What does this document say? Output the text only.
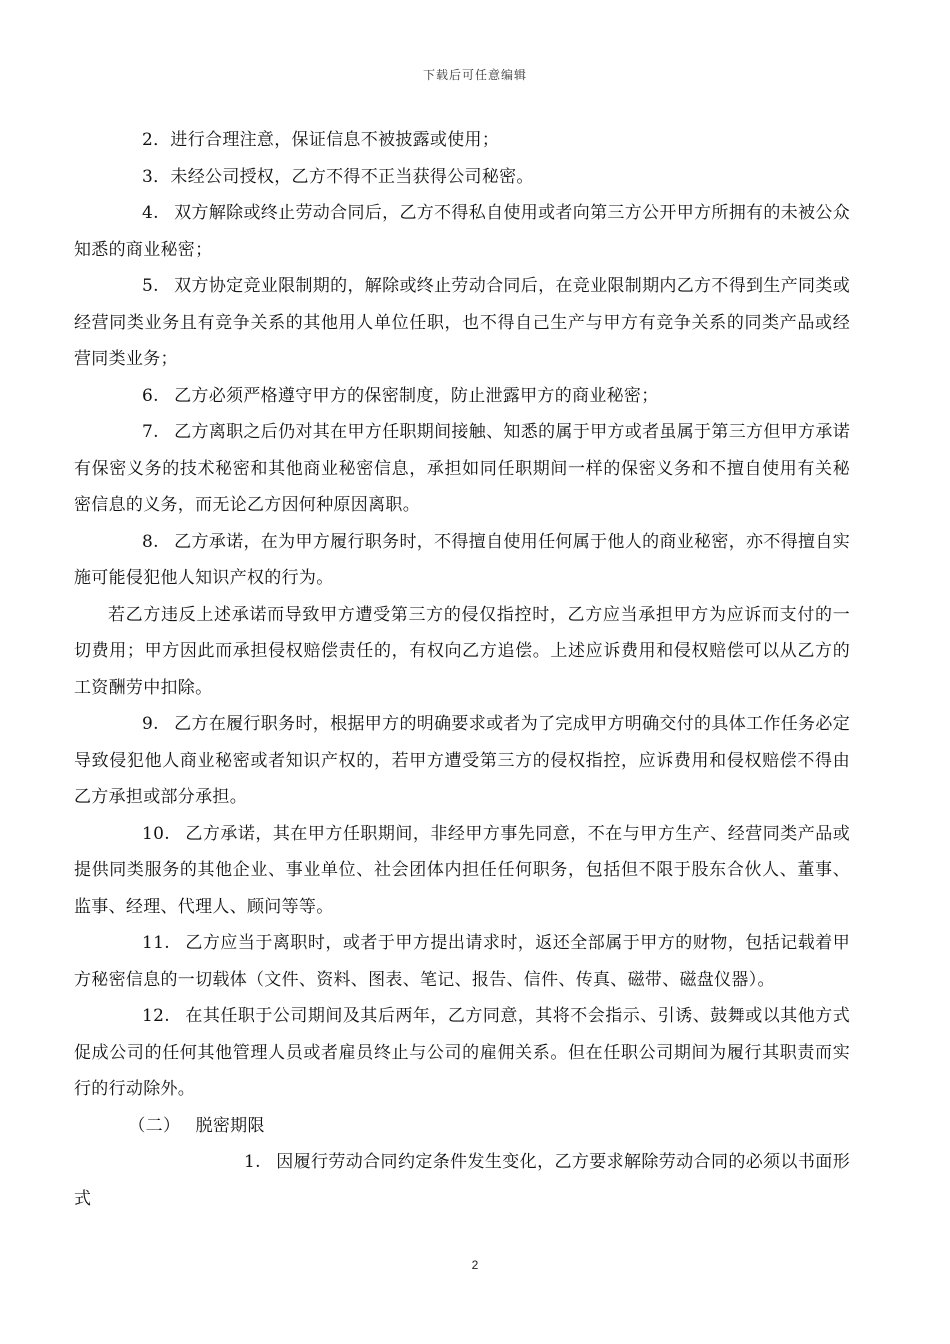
下载后可任意编辑

2．进行合理注意，保证信息不被披露或使用；

3．未经公司授权，乙方不得不正当获得公司秘密。

4. 双方解除或终止劳动合同后，乙方不得私自使用或者向第三方公开甲方所拥有的未被公众知悉的商业秘密；

5. 双方协定竞业限制期的，解除或终止劳动合同后，在竞业限制期内乙方不得到生产同类或经营同类业务且有竞争关系的其他用人单位任职，也不得自己生产与甲方有竞争关系的同类产品或经营同类业务；

6. 乙方必须严格遵守甲方的保密制度，防止泄露甲方的商业秘密；

7. 乙方离职之后仍对其在甲方任职期间接触、知悉的属于甲方或者虽属于第三方但甲方承诺有保密义务的技术秘密和其他商业秘密信息，承担如同任职期间一样的保密义务和不擅自使用有关秘密信息的义务，而无论乙方因何种原因离职。

8. 乙方承诺，在为甲方履行职务时，不得擅自使用任何属于他人的商业秘密，亦不得擅自实施可能侵犯他人知识产权的行为。

若乙方违反上述承诺而导致甲方遭受第三方的侵仅指控时，乙方应当承担甲方为应诉而支付的一切费用；甲方因此而承担侵权赔偿责任的，有权向乙方追偿。上述应诉费用和侵权赔偿可以从乙方的工资酬劳中扣除。

9. 乙方在履行职务时，根据甲方的明确要求或者为了完成甲方明确交付的具体工作任务必定导致侵犯他人商业秘密或者知识产权的，若甲方遭受第三方的侵权指控，应诉费用和侵权赔偿不得由乙方承担或部分承担。

10. 乙方承诺，其在甲方任职期间，非经甲方事先同意，不在与甲方生产、经营同类产品或提供同类服务的其他企业、事业单位、社会团体内担任任何职务，包括但不限于股东合伙人、董事、监事、经理、代理人、顾问等等。

11. 乙方应当于离职时，或者于甲方提出请求时，返还全部属于甲方的财物，包括记载着甲方秘密信息的一切载体（文件、资料、图表、笔记、报告、信件、传真、磁带、磁盘仪器）。

12. 在其任职于公司期间及其后两年，乙方同意，其将不会指示、引诱、鼓舞或以其他方式促成公司的任何其他管理人员或者雇员终止与公司的雇佣关系。但在任职公司期间为履行其职责而实行的行动除外。

（二） 脱密期限

1. 因履行劳动合同约定条件发生变化，乙方要求解除劳动合同的必须以书面形式

2
